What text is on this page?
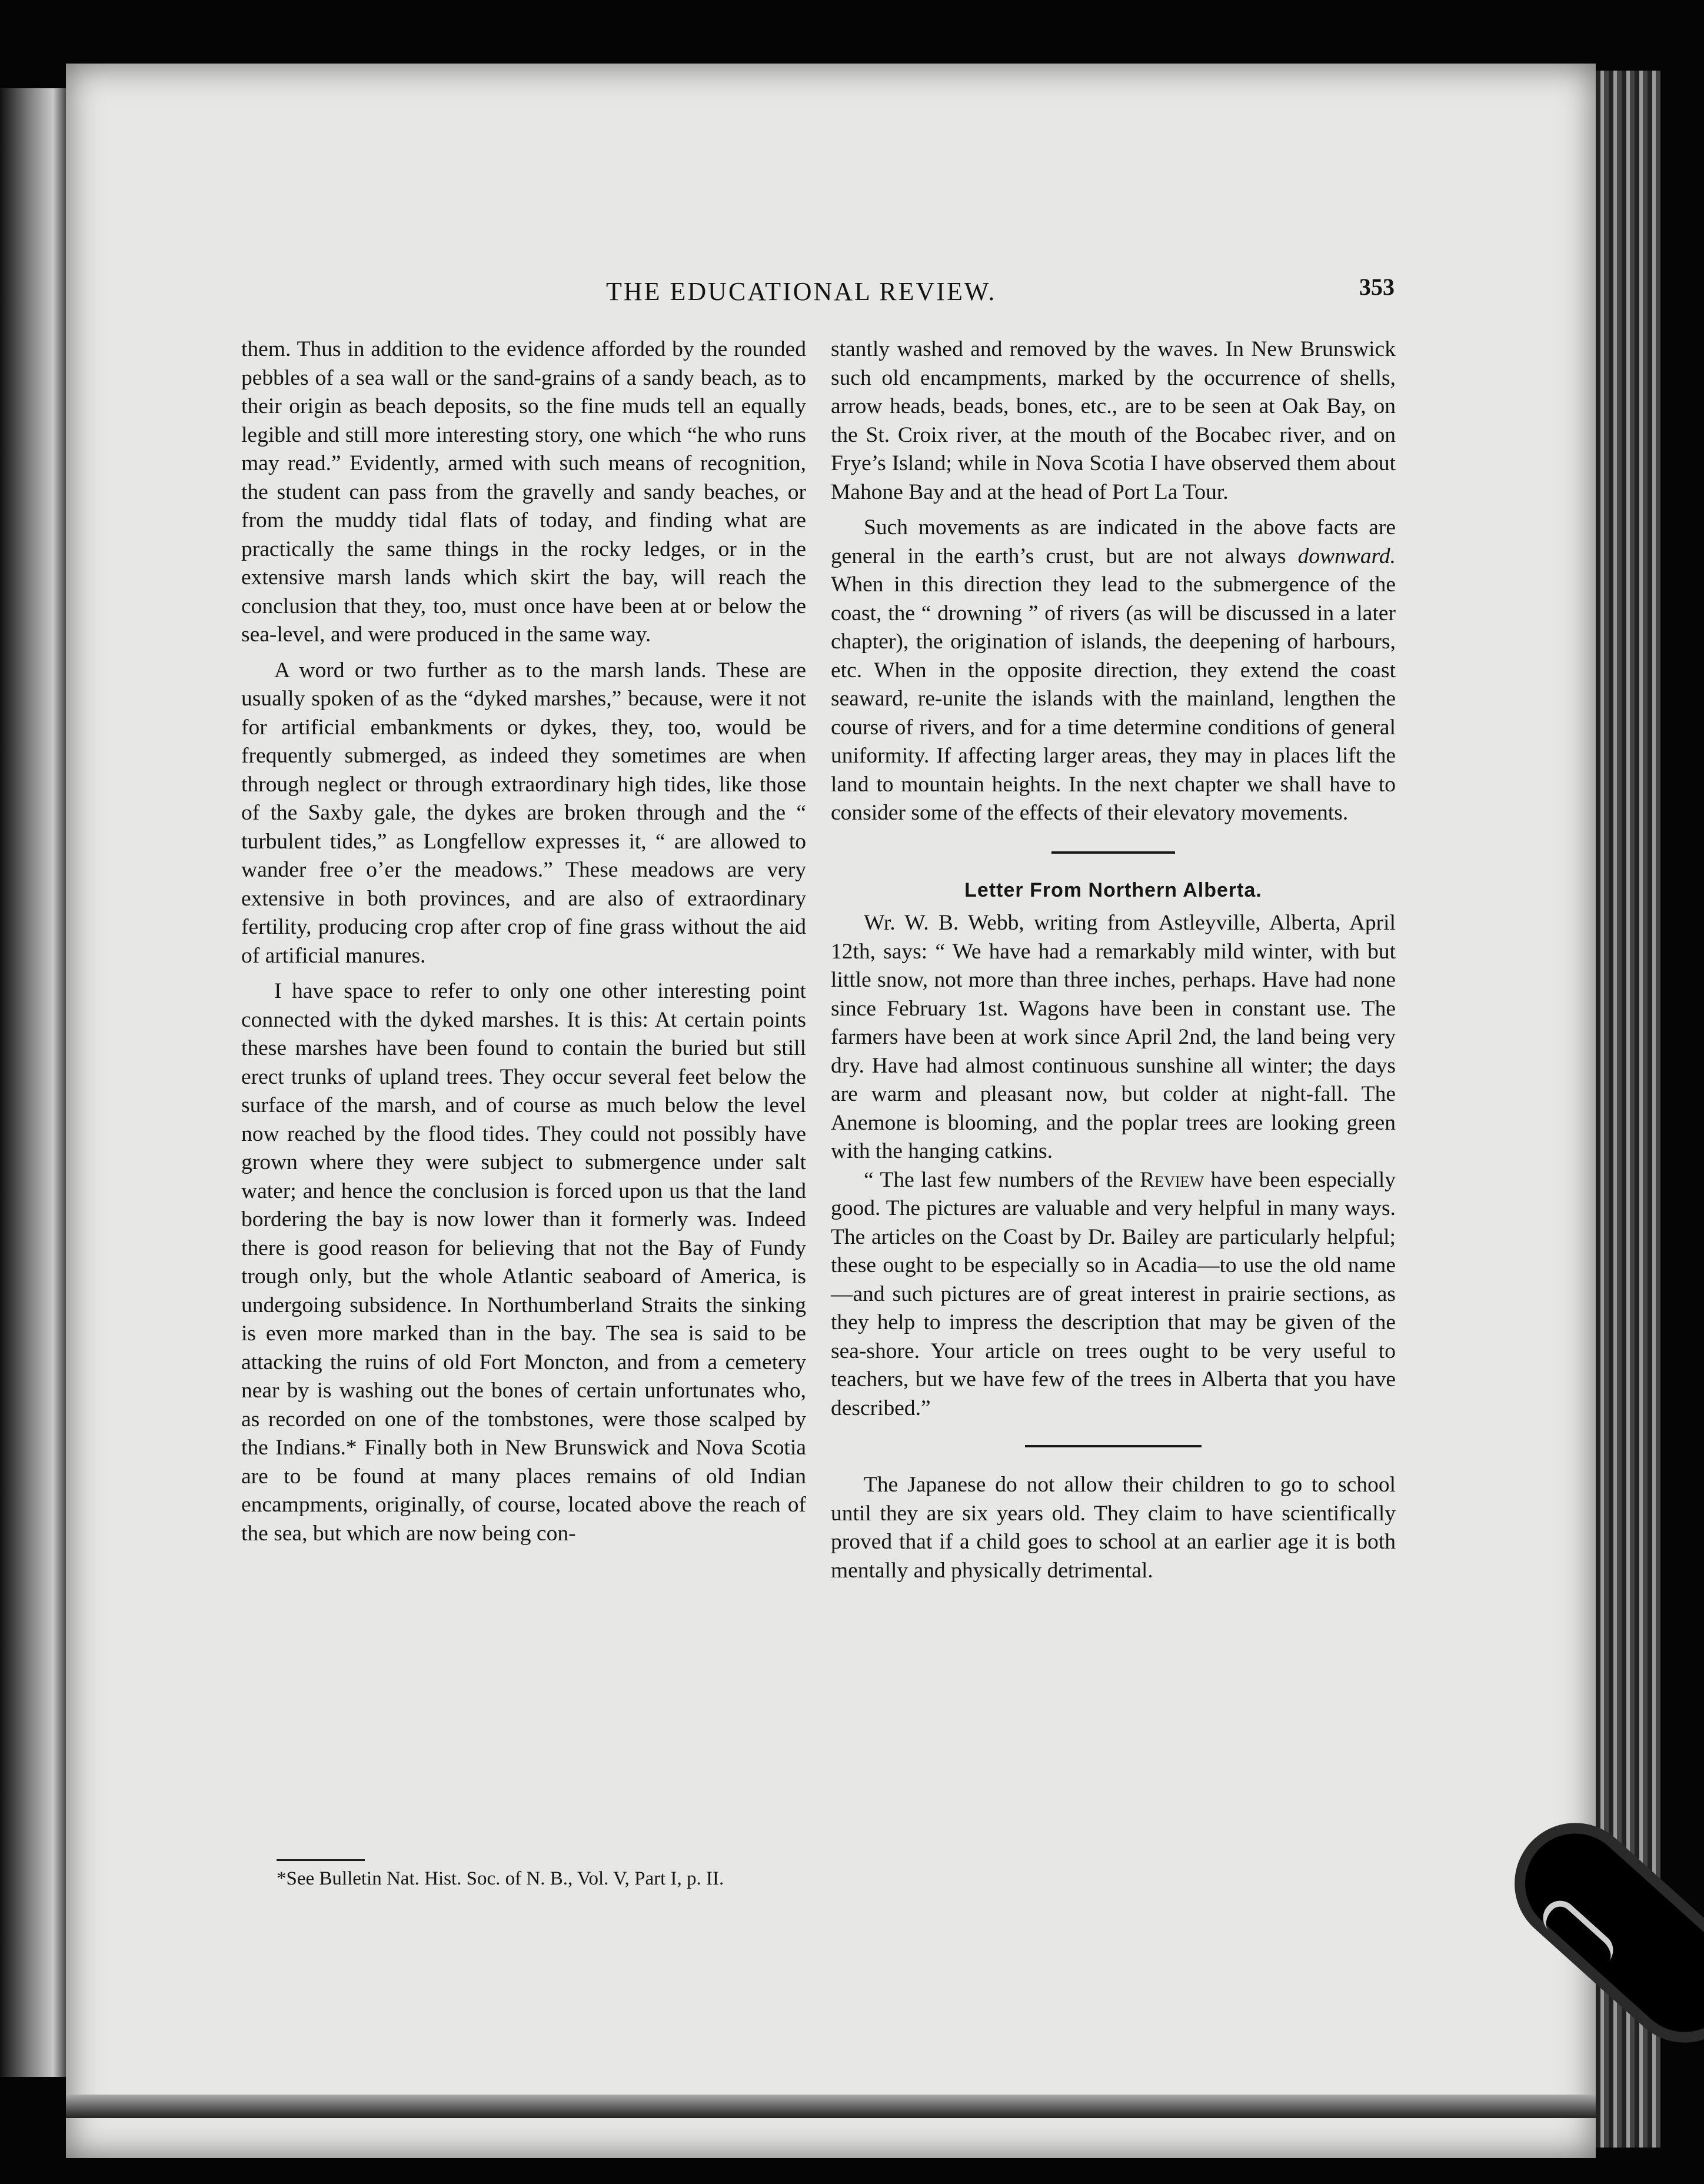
THE EDUCATIONAL REVIEW.	353

them. Thus in addition to the evidence afforded by the rounded pebbles of a sea wall or the sand-grains of a sandy beach, as to their origin as beach deposits, so the fine muds tell an equally legible and still more interesting story, one which “he who runs may read.” Evidently, armed with such means of recognition, the student can pass from the gravelly and sandy beaches, or from the muddy tidal flats of today, and finding what are practically the same things in the rocky ledges, or in the extensive marsh lands which skirt the bay, will reach the conclusion that they, too, must once have been at or below the sea-level, and were produced in the same way.

A word or two further as to the marsh lands. These are usually spoken of as the “dyked marshes,” because, were it not for artificial embankments or dykes, they, too, would be frequently submerged, as indeed they sometimes are when through neglect or through extraordinary high tides, like those of the Saxby gale, the dykes are broken through and the “ turbulent tides,” as Longfellow expresses it, “ are allowed to wander free o’er the meadows.” These meadows are very extensive in both provinces, and are also of extraordinary fertility, producing crop after crop of fine grass without the aid of artificial manures.

I have space to refer to only one other interesting point connected with the dyked marshes. It is this: At certain points these marshes have been found to contain the buried but still erect trunks of upland trees. They occur several feet below the surface of the marsh, and of course as much below the level now reached by the flood tides. They could not possibly have grown where they were subject to submergence under salt water; and hence the conclusion is forced upon us that the land bordering the bay is now lower than it formerly was. Indeed there is good reason for believing that not the Bay of Fundy trough only, but the whole Atlantic seaboard of America, is undergoing subsidence. In Northumberland Straits the sinking is even more marked than in the bay. The sea is said to be attacking the ruins of old Fort Moncton, and from a cemetery near by is washing out the bones of certain unfortunates who, as recorded on one of the tombstones, were those scalped by the Indians.* Finally both in New Brunswick and Nova Scotia are to be found at many places remains of old Indian encampments, originally, of course, located above the reach of the sea, but which are now being con-

*See Bulletin Nat. Hist. Soc. of N. B., Vol. V, Part I, p. II.

stantly washed and removed by the waves. In New Brunswick such old encampments, marked by the occurrence of shells, arrow heads, beads, bones, etc., are to be seen at Oak Bay, on the St. Croix river, at the mouth of the Bocabec river, and on Frye’s Island; while in Nova Scotia I have observed them about Mahone Bay and at the head of Port La Tour.

Such movements as are indicated in the above facts are general in the earth’s crust, but are not always downward. When in this direction they lead to the submergence of the coast, the “ drowning ” of rivers (as will be discussed in a later chapter), the origination of islands, the deepening of harbours, etc. When in the opposite direction, they extend the coast seaward, re-unite the islands with the mainland, lengthen the course of rivers, and for a time determine conditions of general uniformity. If affecting larger areas, they may in places lift the land to mountain heights. In the next chapter we shall have to consider some of the effects of their elevatory movements.

Letter From Northern Alberta.

Wr. W. B. Webb, writing from Astleyville, Alberta, April 12th, says: “ We have had a remarkably mild winter, with but little snow, not more than three inches, perhaps. Have had none since February 1st. Wagons have been in constant use. The farmers have been at work since April 2nd, the land being very dry. Have had almost continuous sunshine all winter; the days are warm and pleasant now, but colder at night-fall. The Anemone is blooming, and the poplar trees are looking green with the hanging catkins.

“ The last few numbers of the Review have been especially good. The pictures are valuable and very helpful in many ways. The articles on the Coast by Dr. Bailey are particularly helpful; these ought to be especially so in Acadia—to use the old name—and such pictures are of great interest in prairie sections, as they help to impress the description that may be given of the sea-shore. Your article on trees ought to be very useful to teachers, but we have few of the trees in Alberta that you have described.”

The Japanese do not allow their children to go to school until they are six years old. They claim to have scientifically proved that if a child goes to school at an earlier age it is both mentally and physically detrimental.
